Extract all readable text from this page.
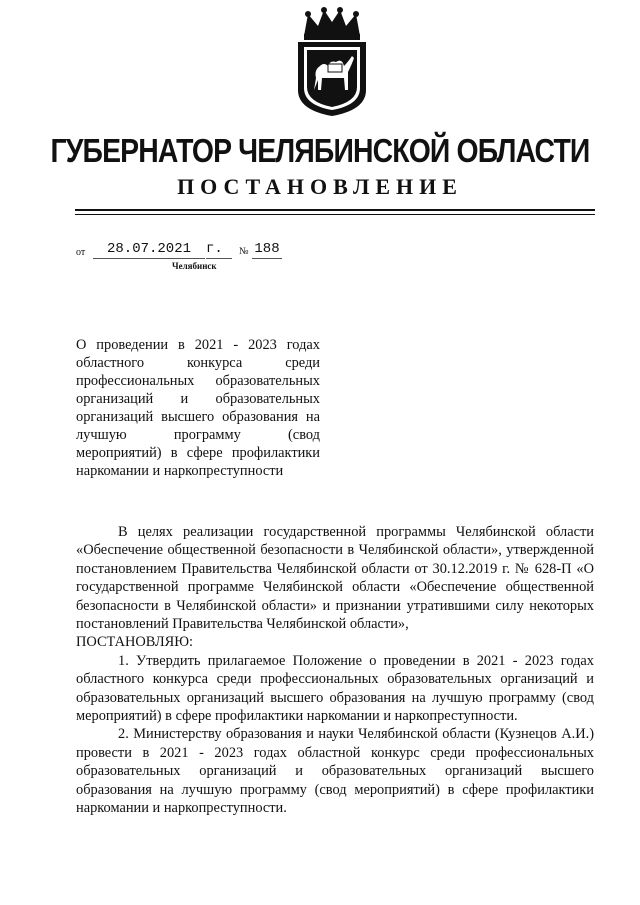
ГУБЕРНАТОР ЧЕЛЯБИНСКОЙ ОБЛАСТИ
ПОСТАНОВЛЕНИЕ
от	28.07.2021	г.	№ 188
Челябинск
О проведении в 2021 - 2023 годах областного конкурса среди профессиональных образовательных организаций и образовательных организаций высшего образования на лучшую программу (свод мероприятий) в сфере профилактики наркомании и наркопреступности

В целях реализации государственной программы Челябинской области «Обеспечение общественной безопасности в Челябинской области», утвержденной постановлением Правительства Челябинской области от 30.12.2019 г. № 628-П «О государственной программе Челябинской области «Обеспечение общественной безопасности в Челябинской области» и признании утратившими силу некоторых постановлений Правительства Челябинской области»,

ПОСТАНОВЛЯЮ:

1. Утвердить прилагаемое Положение о проведении в 2021 - 2023 годах областного конкурса среди профессиональных образовательных организаций и образовательных организаций высшего образования на лучшую программу (свод мероприятий) в сфере профилактики наркомании и наркопреступности.

2. Министерству образования и науки Челябинской области (Кузнецов А.И.) провести в 2021 - 2023 годах областной конкурс среди профессиональных образовательных организаций и образовательных организаций высшего образования на лучшую программу (свод мероприятий) в сфере профилактики наркомании и наркопреступности.
